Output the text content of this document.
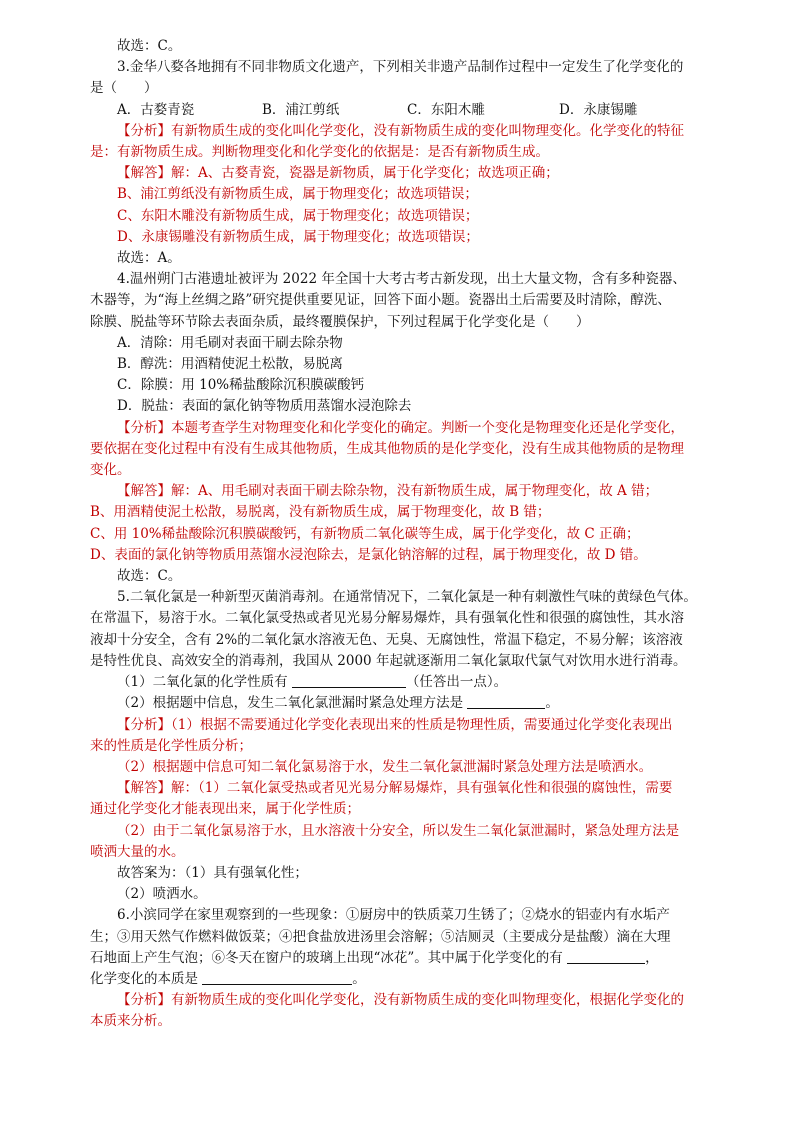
故选：C。
3.金华八婺各地拥有不同非物质文化遗产，下列相关非遗产品制作过程中一定发生了化学变化的
是（　　）
A．古婺青瓷	B．浦江剪纸	C．东阳木雕	D．永康锡雕
【分析】有新物质生成的变化叫化学变化，没有新物质生成的变化叫物理变化。化学变化的特征
是：有新物质生成。判断物理变化和化学变化的依据是：是否有新物质生成。
【解答】解：A、古婺青瓷，瓷器是新物质，属于化学变化；故选项正确；
B、浦江剪纸没有新物质生成，属于物理变化；故选项错误；
C、东阳木雕没有新物质生成，属于物理变化；故选项错误；
D、永康锡雕没有新物质生成，属于物理变化；故选项错误；
故选：A。
4.温州朔门古港遗址被评为 2022 年全国十大考古考古新发现，出土大量文物，含有多种瓷器、
木器等，为“海上丝绸之路”研究提供重要见证，回答下面小题。瓷器出土后需要及时清除，醇洗、
除膜、脱盐等环节除去表面杂质，最终覆膜保护，下列过程属于化学变化是（　　）
A．清除：用毛刷对表面干刷去除杂物
B．醇洗：用酒精使泥土松散，易脱离
C．除膜：用 10%稀盐酸除沉积膜碳酸钙
D．脱盐：表面的氯化钠等物质用蒸馏水浸泡除去
【分析】本题考查学生对物理变化和化学变化的确定。判断一个变化是物理变化还是化学变化，
要依据在变化过程中有没有生成其他物质，生成其他物质的是化学变化，没有生成其他物质的是物理
变化。
【解答】解：A、用毛刷对表面干刷去除杂物，没有新物质生成，属于物理变化，故 A 错；
B、用酒精使泥土松散，易脱离，没有新物质生成，属于物理变化，故 B 错；
C、用 10%稀盐酸除沉积膜碳酸钙，有新物质二氧化碳等生成，属于化学变化，故 C 正确；
D、表面的氯化钠等物质用蒸馏水浸泡除去，是氯化钠溶解的过程，属于物理变化，故 D 错。
故选：C。
5.二氧化氯是一种新型灭菌消毒剂。在通常情况下，二氧化氯是一种有刺激性气味的黄绿色气体。
在常温下，易溶于水。二氧化氯受热或者见光易分解易爆炸，具有强氧化性和很强的腐蚀性，其水溶
液却十分安全，含有 2%的二氧化氯水溶液无色、无臭、无腐蚀性，常温下稳定，不易分解；该溶液
是特性优良、高效安全的消毒剂，我国从 2000 年起就逐渐用二氧化氯取代氯气对饮用水进行消毒。
（1）二氧化氯的化学性质有	（任答出一点）。
（2）根据题中信息，发生二氧化氯泄漏时紧急处理方法是	。
【分析】（1）根据不需要通过化学变化表现出来的性质是物理性质，需要通过化学变化表现出
来的性质是化学性质分析；
（2）根据题中信息可知二氧化氯易溶于水，发生二氧化氯泄漏时紧急处理方法是喷洒水。
【解答】解：（1）二氧化氯受热或者见光易分解易爆炸，具有强氧化性和很强的腐蚀性，需要
通过化学变化才能表现出来，属于化学性质；
（2）由于二氧化氯易溶于水，且水溶液十分安全，所以发生二氧化氯泄漏时，紧急处理方法是
喷洒大量的水。
故答案为：（1）具有强氧化性；
（2）喷洒水。
6.小滨同学在家里观察到的一些现象：①厨房中的铁质菜刀生锈了；②烧水的铝壶内有水垢产
生；③用天然气作燃料做饭菜；④把食盐放进汤里会溶解；⑤洁厕灵（主要成分是盐酸）滴在大理
石地面上产生气泡；⑥冬天在窗户的玻璃上出现“冰花”。其中属于化学变化的有	，
化学变化的本质是	。
【分析】有新物质生成的变化叫化学变化，没有新物质生成的变化叫物理变化，根据化学变化的
本质来分析。
